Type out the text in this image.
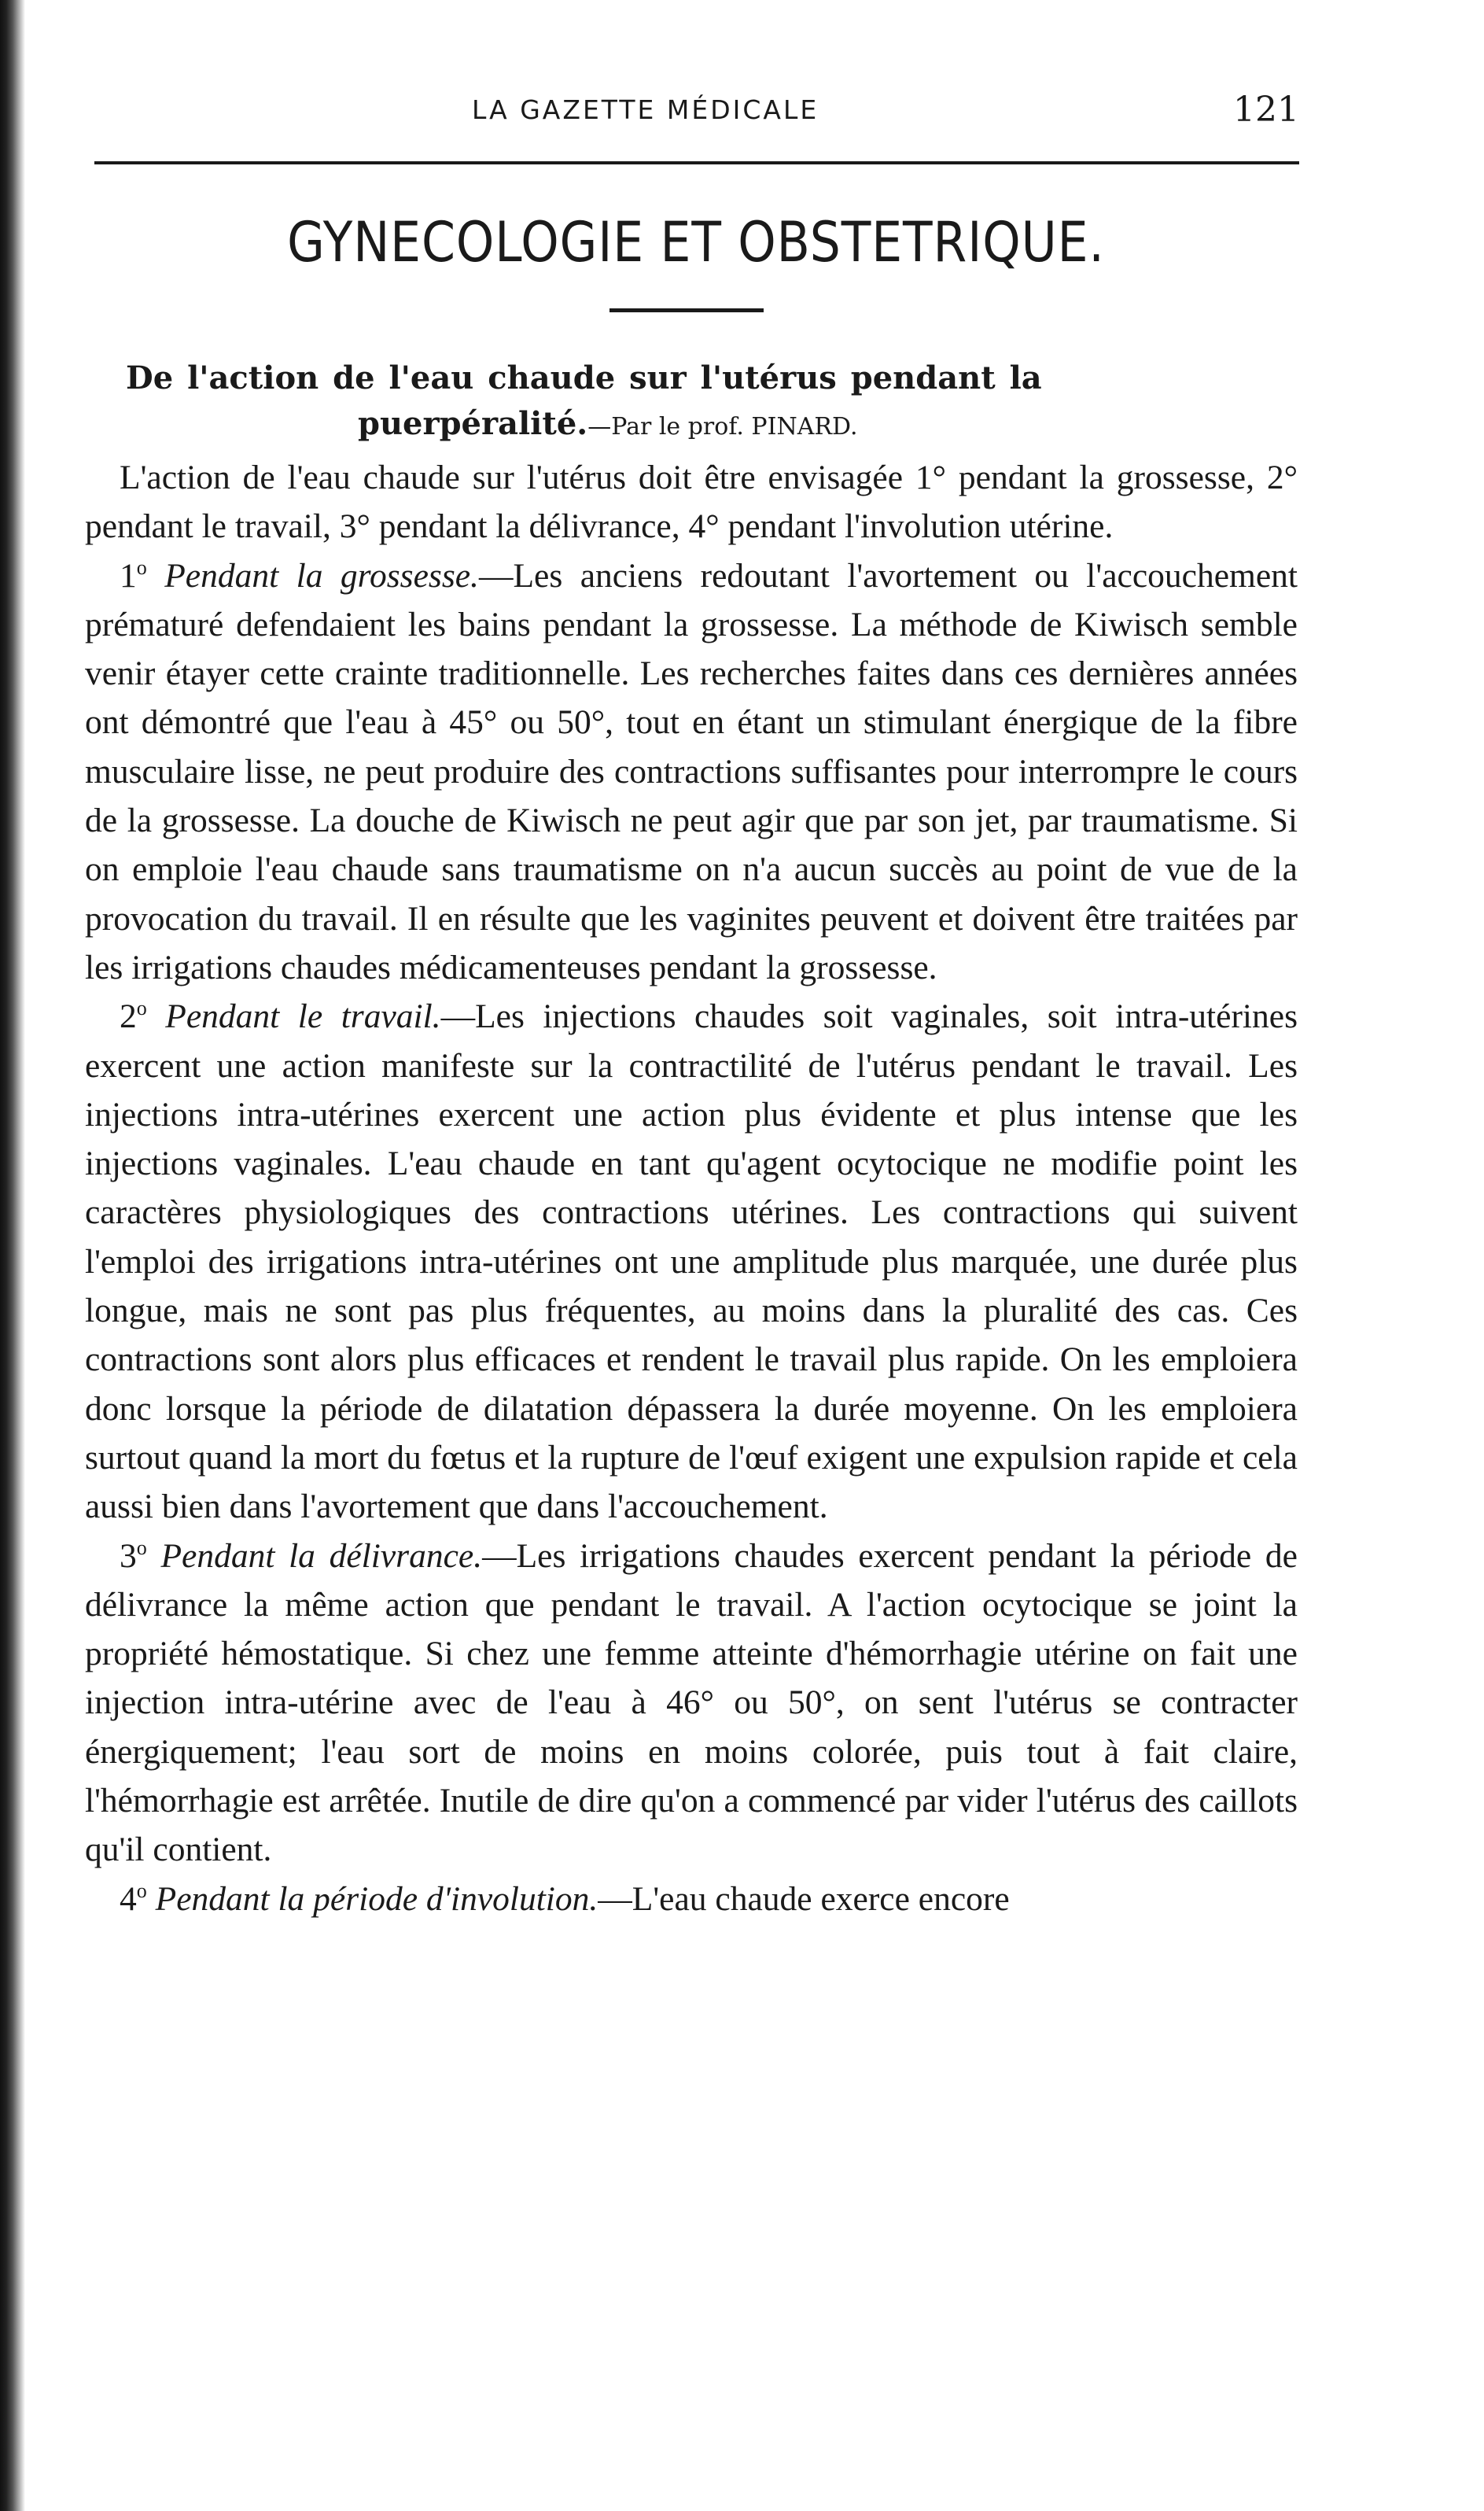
LA GAZETTE MÉDICALE	121
GYNECOLOGIE ET OBSTETRIQUE.
De l'action de l'eau chaude sur l'utérus pendant la
puerpéralité.—Par le prof. PINARD.

L'action de l'eau chaude sur l'utérus doit être envisagée 1° pendant la grossesse, 2° pendant le travail, 3° pendant la délivrance, 4° pendant l'involution utérine.

1$^o$ Pendant la grossesse.—Les anciens redoutant l'avortement ou l'accouchement prématuré defendaient les bains pendant la grossesse. La méthode de Kiwisch semble venir étayer cette crainte traditionnelle. Les recherches faites dans ces dernières années ont démontré que l'eau à 45° ou 50°, tout en étant un stimulant énergique de la fibre musculaire lisse, ne peut produire des contractions suffisantes pour interrompre le cours de la grossesse. La douche de Kiwisch ne peut agir que par son jet, par traumatisme. Si on emploie l'eau chaude sans traumatisme on n'a aucun succès au point de vue de la provocation du travail. Il en résulte que les vaginites peuvent et doivent être traitées par les irrigations chaudes médicamenteuses pendant la grossesse.

2$^o$ Pendant le travail.—Les injections chaudes soit vaginales, soit intra-utérines exercent une action manifeste sur la contractilité de l'utérus pendant le travail. Les injections intra-utérines exercent une action plus évidente et plus intense que les injections vaginales. L'eau chaude en tant qu'agent ocytocique ne modifie point les caractères physiologiques des contractions utérines. Les contractions qui suivent l'emploi des irrigations intra-utérines ont une amplitude plus marquée, une durée plus longue, mais ne sont pas plus fréquentes, au moins dans la pluralité des cas. Ces contractions sont alors plus efficaces et rendent le travail plus rapide. On les emploiera donc lorsque la période de dilatation dépassera la durée moyenne. On les emploiera surtout quand la mort du fœtus et la rupture de l'œuf exigent une expulsion rapide et cela aussi bien dans l'avortement que dans l'accouchement.

3$^o$ Pendant la délivrance.—Les irrigations chaudes exercent pendant la période de délivrance la même action que pendant le travail. A l'action ocytocique se joint la propriété hémostatique. Si chez une femme atteinte d'hémorrhagie utérine on fait une injection intra-utérine avec de l'eau à 46° ou 50°, on sent l'utérus se contracter énergiquement; l'eau sort de moins en moins colorée, puis tout à fait claire, l'hémorrhagie est arrêtée. Inutile de dire qu'on a commencé par vider l'utérus des caillots qu'il contient.

4$^o$ Pendant la période d'involution.—L'eau chaude exerce encore
